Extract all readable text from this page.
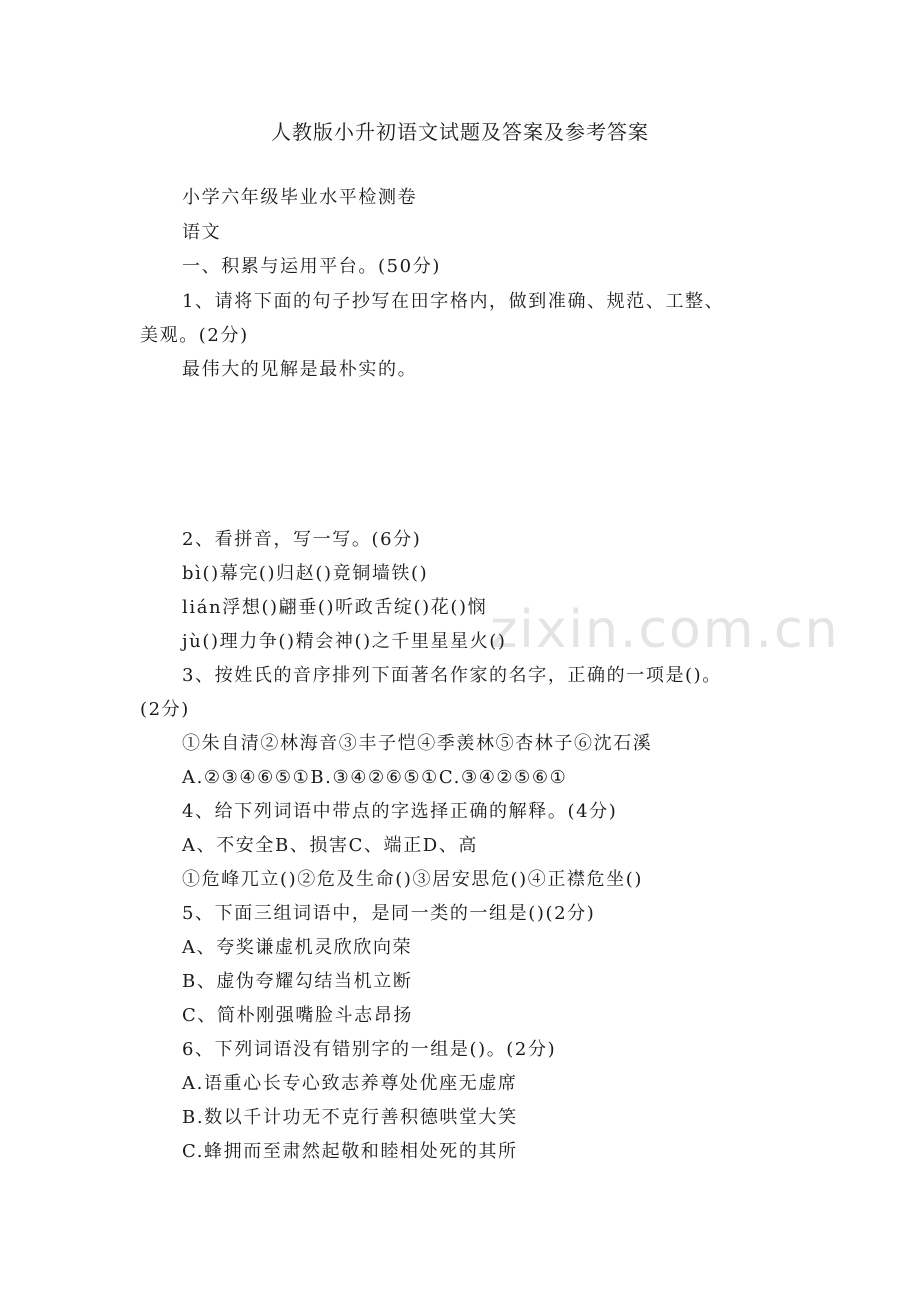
zixin.com.cn
人教版小升初语文试题及答案及参考答案
小学六年级毕业水平检测卷
语文
一、积累与运用平台。(50分)
1、请将下面的句子抄写在田字格内，做到准确、规范、工整、
美观。(2分)
最伟大的见解是最朴实的。
2、看拼音，写一写。(6分)
bì()幕完()归赵()竟铜墙铁()
lián浮想()翩垂()听政舌绽()花()悯
jù()理力争()精会神()之千里星星火()
3、按姓氏的音序排列下面著名作家的名字，正确的一项是()。
(2分)
①朱自清②林海音③丰子恺④季羡林⑤杏林子⑥沈石溪
A.②③④⑥⑤①B.③④②⑥⑤①C.③④②⑤⑥①
4、给下列词语中带点的字选择正确的解释。(4分)
A、不安全B、损害C、端正D、高
①危峰兀立()②危及生命()③居安思危()④正襟危坐()
5、下面三组词语中，是同一类的一组是()(2分)
A、夸奖谦虚机灵欣欣向荣
B、虚伪夸耀勾结当机立断
C、简朴刚强嘴脸斗志昂扬
6、下列词语没有错别字的一组是()。(2分)
A.语重心长专心致志养尊处优座无虚席
B.数以千计功无不克行善积德哄堂大笑
C.蜂拥而至肃然起敬和睦相处死的其所
